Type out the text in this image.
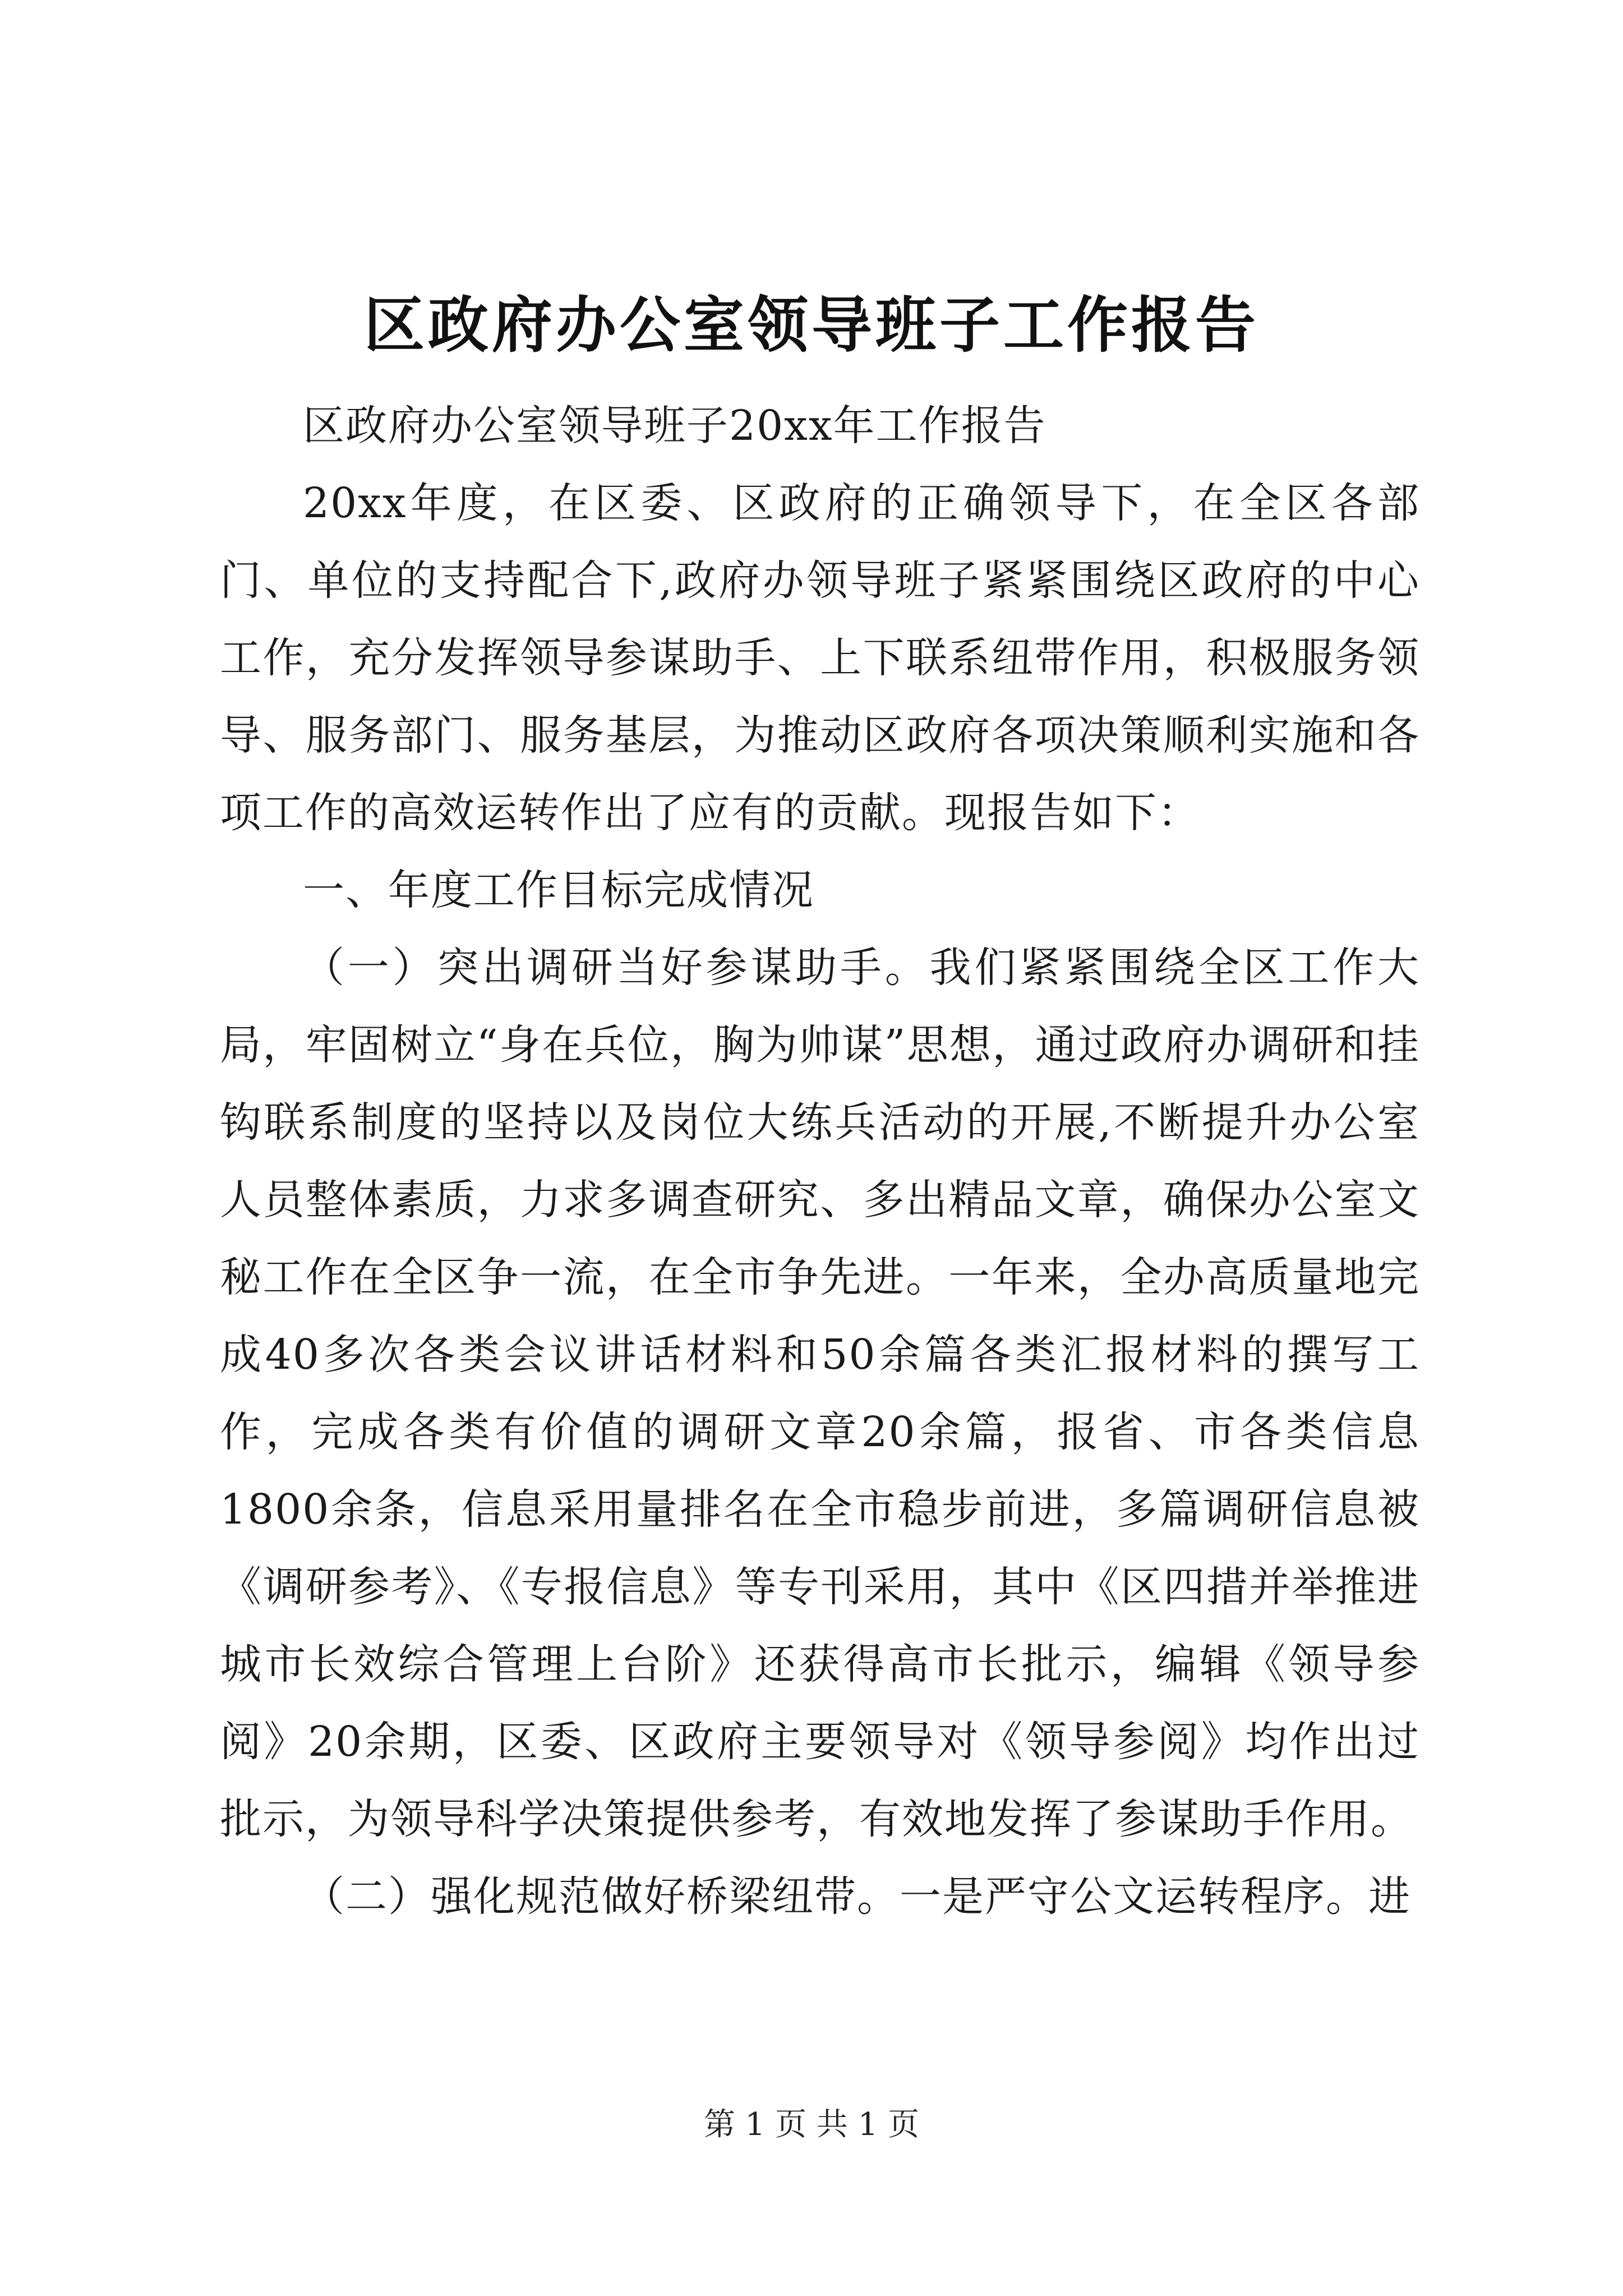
区政府办公室领导班子工作报告

区政府办公室领导班子20xx年工作报告

20xx年度，在区委、区政府的正确领导下，在全区各部门、单位的支持配合下,政府办领导班子紧紧围绕区政府的中心工作，充分发挥领导参谋助手、上下联系纽带作用，积极服务领导、服务部门、服务基层，为推动区政府各项决策顺利实施和各项工作的高效运转作出了应有的贡献。现报告如下：

一、年度工作目标完成情况

（一）突出调研当好参谋助手。我们紧紧围绕全区工作大局，牢固树立“身在兵位，胸为帅谋”思想，通过政府办调研和挂钩联系制度的坚持以及岗位大练兵活动的开展,不断提升办公室人员整体素质，力求多调查研究、多出精品文章，确保办公室文秘工作在全区争一流，在全市争先进。一年来，全办高质量地完成40多次各类会议讲话材料和50余篇各类汇报材料的撰写工作，完成各类有价值的调研文章20余篇，报省、市各类信息1800余条，信息采用量排名在全市稳步前进，多篇调研信息被《调研参考》、《专报信息》等专刊采用，其中《区四措并举推进城市长效综合管理上台阶》还获得高市长批示，编辑《领导参阅》20余期，区委、区政府主要领导对《领导参阅》均作出过批示，为领导科学决策提供参考，有效地发挥了参谋助手作用。

（二）强化规范做好桥梁纽带。一是严守公文运转程序。进

第 1 页 共 1 页
